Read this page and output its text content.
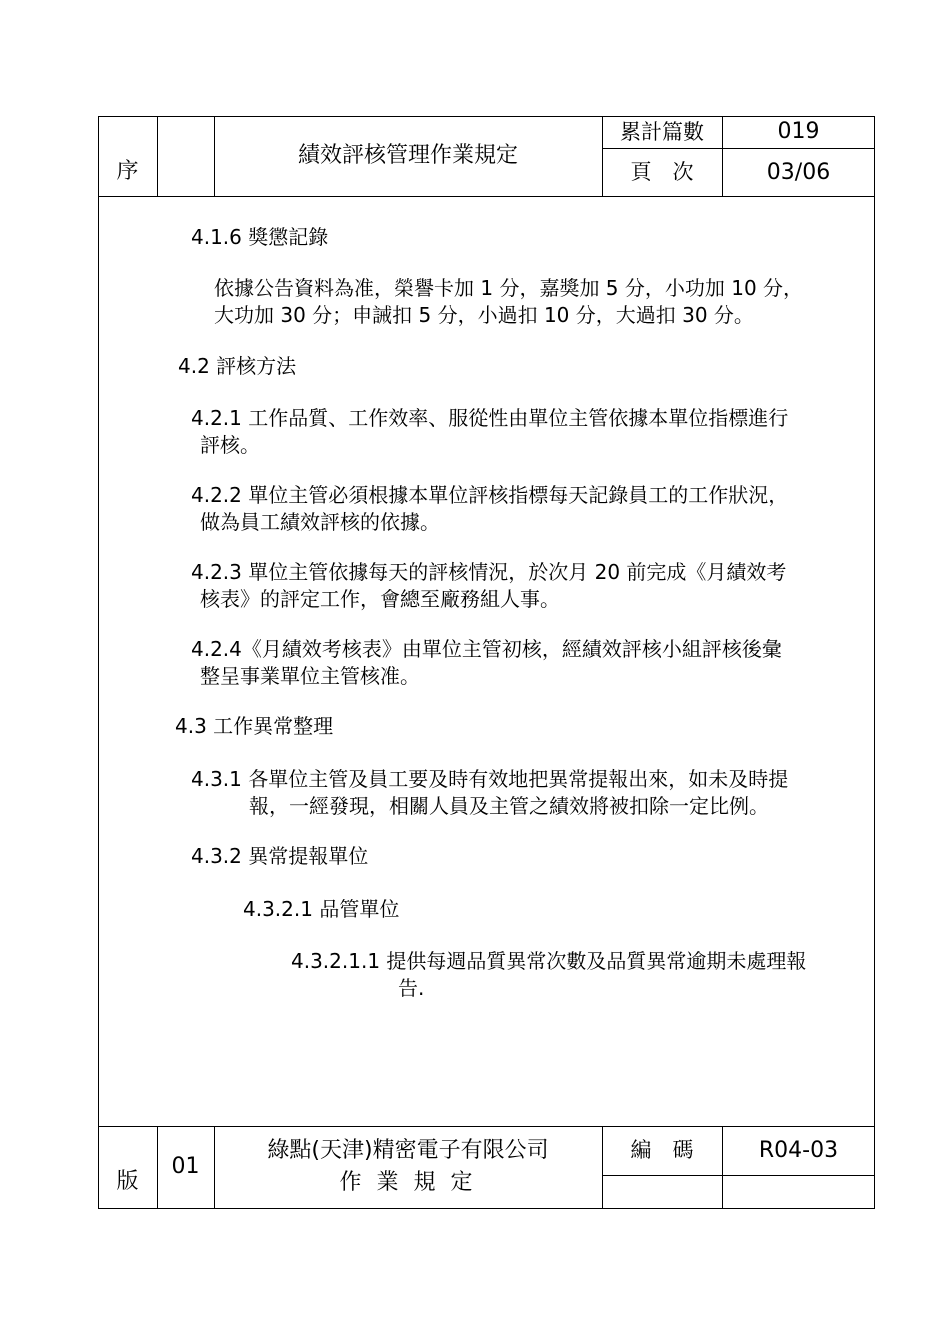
序
績效評核管理作業規定
累計篇數	019
頁　次	03/06
4.1.6 獎懲記錄
依據公告資料為准，榮譽卡加 1 分，嘉獎加 5 分，小功加 10 分，
大功加 30 分；申誡扣 5 分，小過扣 10 分，大過扣 30 分。
4.2 評核方法
4.2.1 工作品質、工作效率、服從性由單位主管依據本單位指標進行
評核。
4.2.2 單位主管必須根據本單位評核指標每天記錄員工的工作狀況，
做為員工績效評核的依據。
4.2.3 單位主管依據每天的評核情況，於次月 20 前完成《月績效考
核表》的評定工作，會總至廠務組人事。
4.2.4《月績效考核表》由單位主管初核，經績效評核小組評核後彙
整呈事業單位主管核准。
4.3 工作異常整理
4.3.1 各單位主管及員工要及時有效地把異常提報出來，如未及時提
報，一經發現，相關人員及主管之績效將被扣除一定比例。
4.3.2 異常提報單位
4.3.2.1 品管單位
4.3.2.1.1 提供每週品質異常次數及品質異常逾期未處理報
告.
版
01
綠點(天津)精密電子有限公司
作 業 規 定
編　碼	R04-03
